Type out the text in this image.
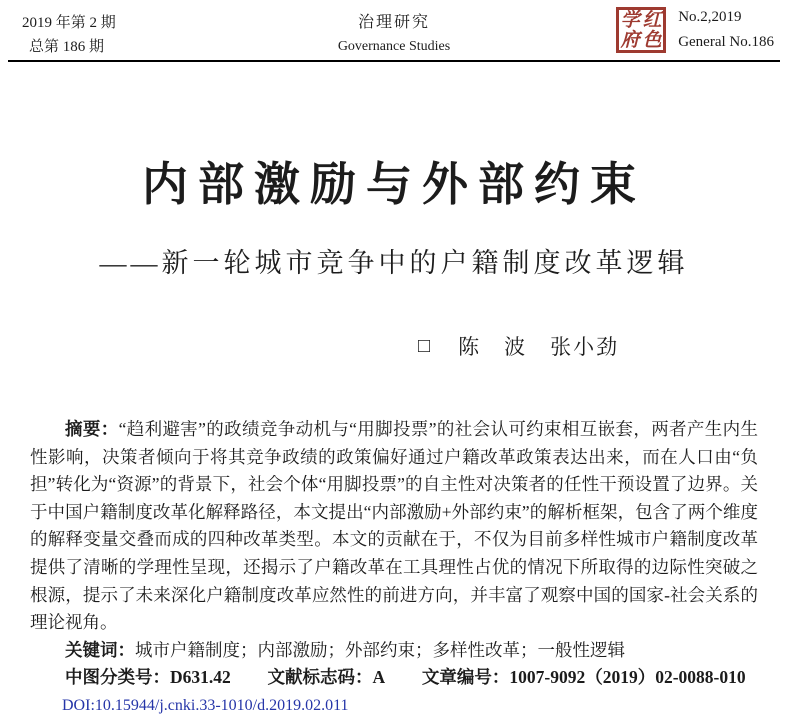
2019 年第 2 期
总第 186 期
治理研究
Governance Studies
学 红
府 色
No.2,2019
General No.186
内部激励与外部约束
——新一轮城市竞争中的户籍制度改革逻辑
□ 陈　波　张小劲

摘要：“趋利避害”的政绩竞争动机与“用脚投票”的社会认可约束相互嵌套，两者产生内生性影响，决策者倾向于将其竞争政绩的政策偏好通过户籍改革政策表达出来，而在人口由“负担”转化为“资源”的背景下，社会个体“用脚投票”的自主性对决策者的任性干预设置了边界。关于中国户籍制度改革化解释路径，本文提出“内部激励+外部约束”的解析框架，包含了两个维度的解释变量交叠而成的四种改革类型。本文的贡献在于，不仅为目前多样性城市户籍制度改革提供了清晰的学理性呈现，还揭示了户籍改革在工具理性占优的情况下所取得的边际性突破之根源，提示了未来深化户籍制度改革应然性的前进方向，并丰富了观察中国的国家-社会关系的理论视角。

关键词：城市户籍制度；内部激励；外部约束；多样性改革；一般性逻辑

中图分类号：D631.42 文献标志码：A 文章编号：1007-9092（2019）02-0088-010

DOI:10.15944/j.cnki.33-1010/d.2019.02.011
